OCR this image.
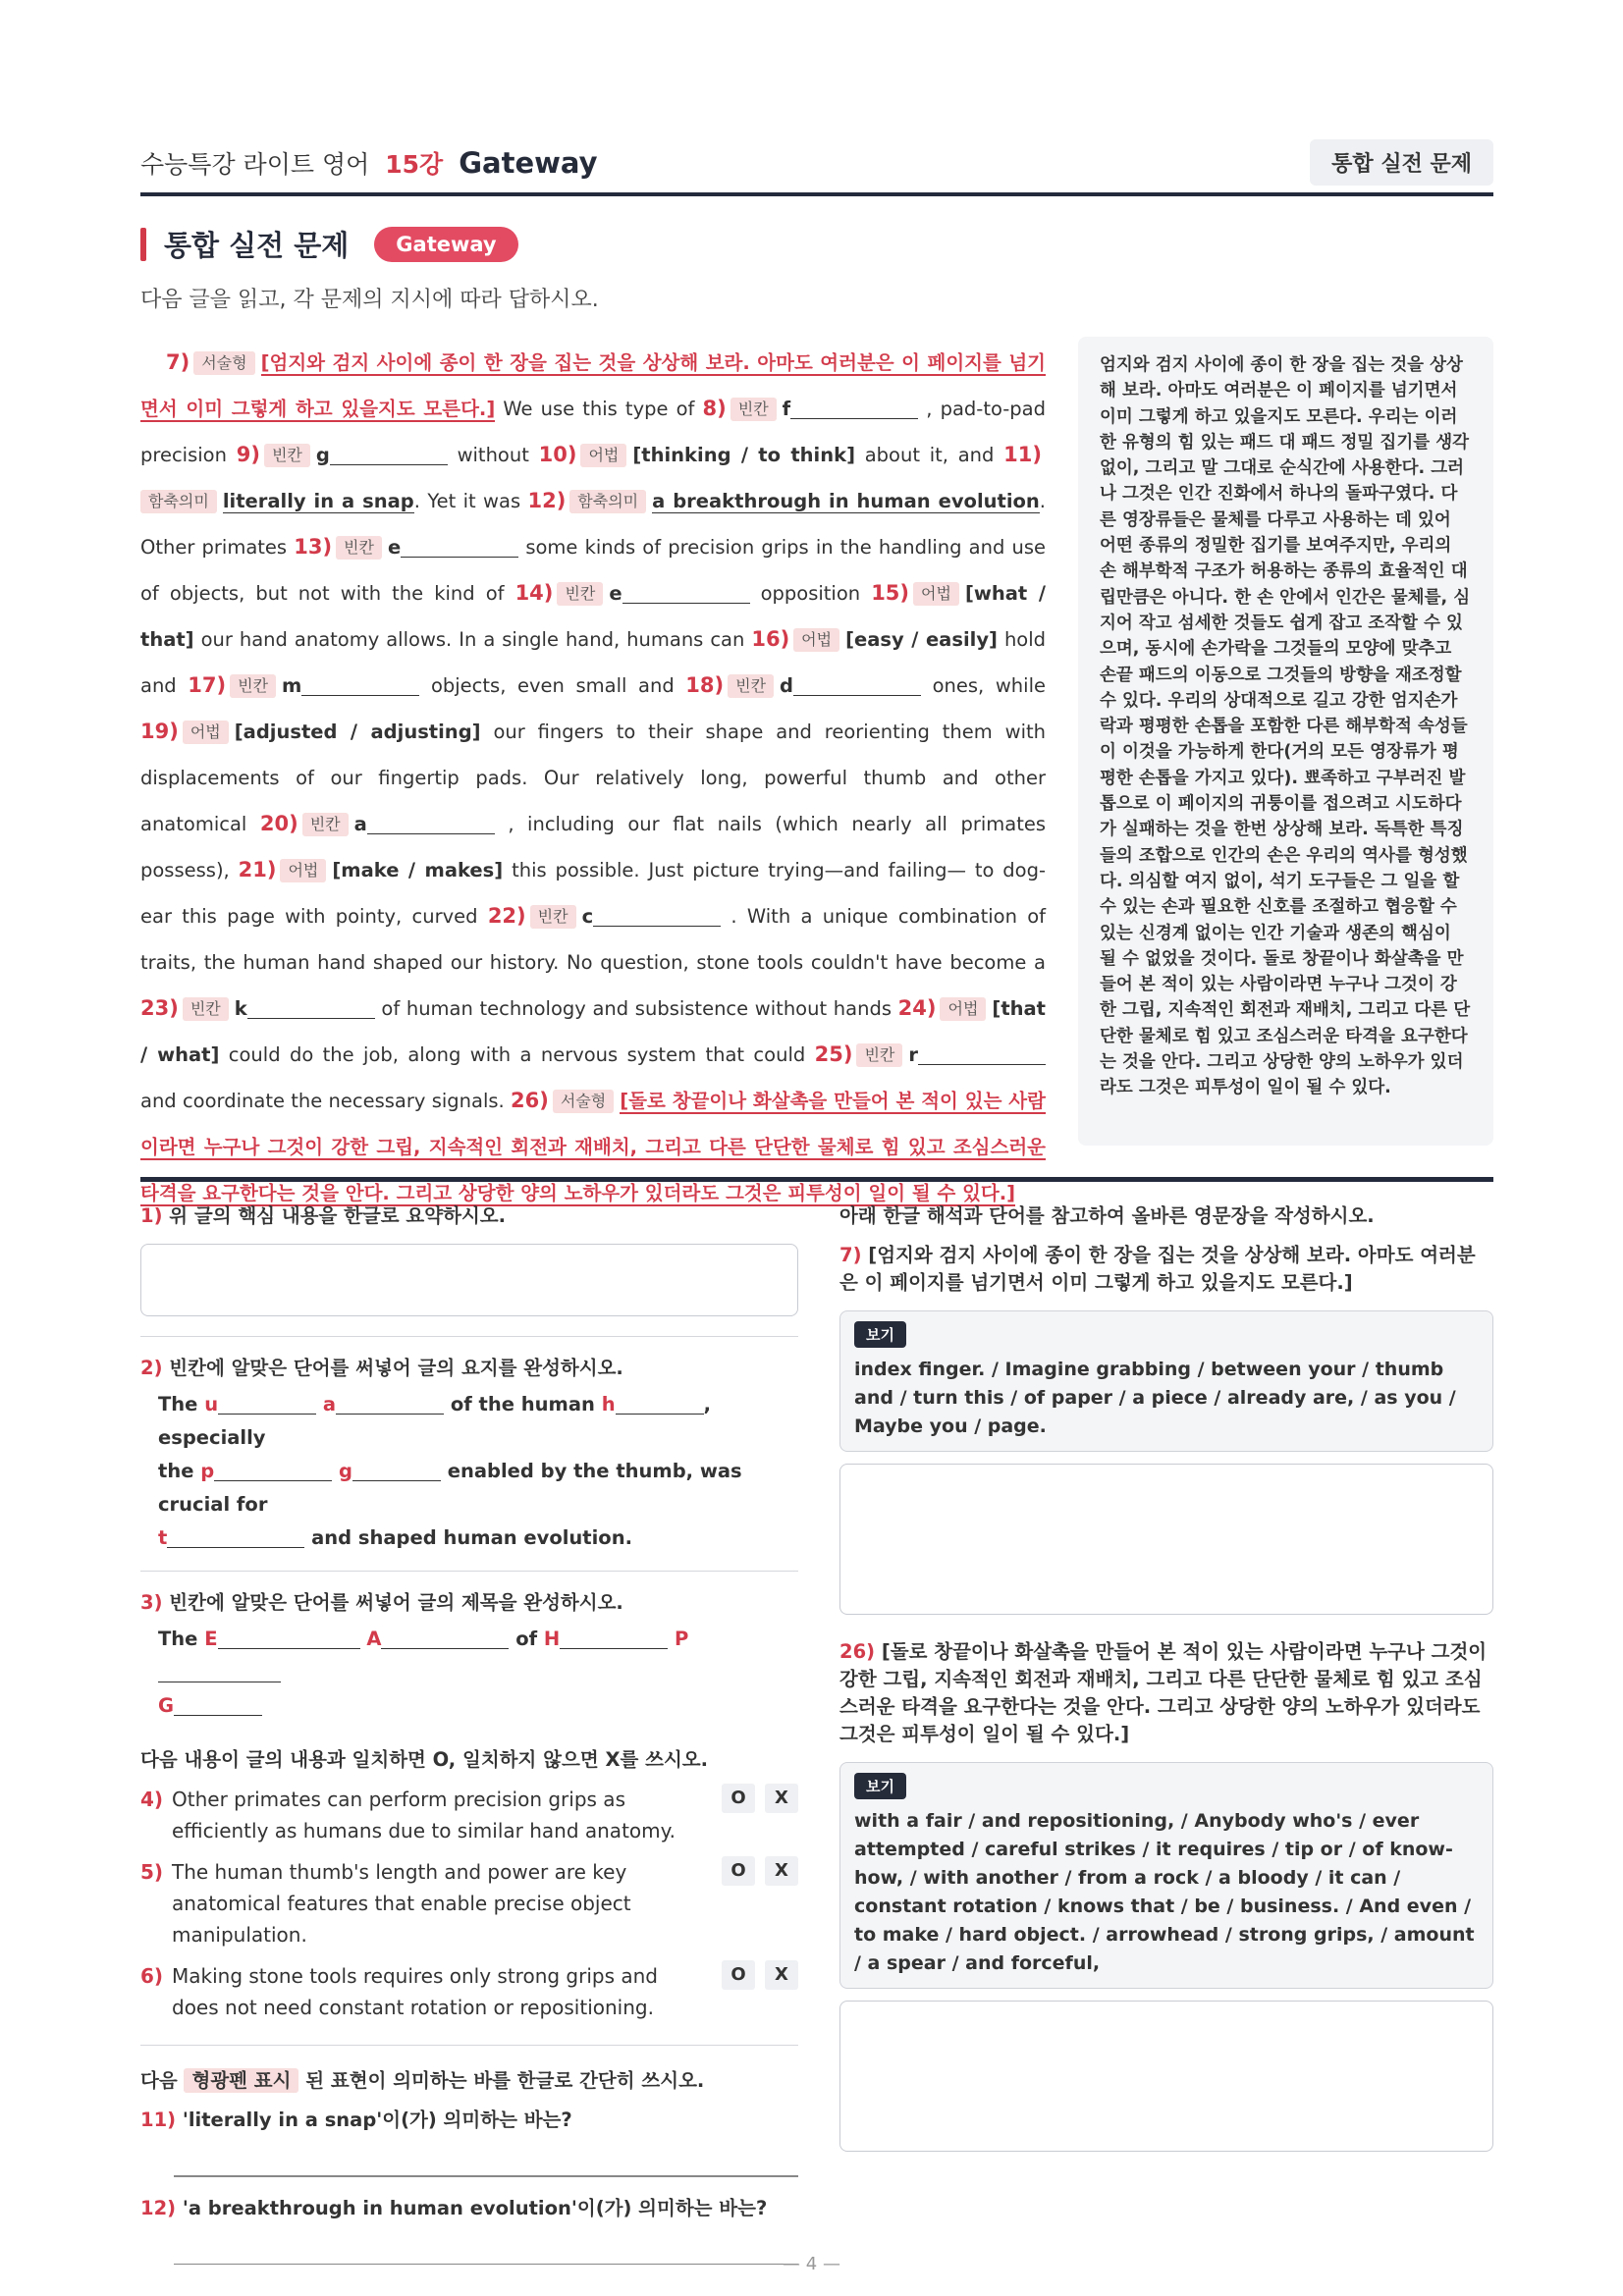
수능특강 라이트 영어 15강 Gateway	통합 실전 문제
통합 실전 문제	Gateway
다음 글을 읽고, 각 문제의 지시에 따라 답하시오.
7) 서술형 [엄지와 검지 사이에 종이 한 장을 집는 것을 상상해 보라. 아마도 여러분은 이 페이지를 넘기면서 이미 그렇게 하고 있을지도 모른다.] We use this type of 8) 빈칸 f	, pad-to-pad precision 9) 빈칸 g	without 10) 어법 [thinking / to think] about it, and 11)함축의미 literally in a snap. Yet it was 12) 함축의미 a breakthrough in human evolution. Other primates 13) 빈칸 e	some kinds of precision grips in the handling and use of objects, but not with the kind of 14) 빈칸 e	opposition 15) 어법 [what / that] our hand anatomy allows. In a single hand, humans can 16) 어법 [easy / easily] hold and 17) 빈칸 m	objects, even small and 18) 빈칸 d	ones, while 19) 어법 [adjusted / adjusting] our fingers to their shape and reorienting them with displacements of our fingertip pads. Our relatively long, powerful thumb and other anatomical 20) 빈칸 a	, including our flat nails (which nearly all primates possess), 21) 어법 [make / makes] this possible. Just picture trying—and failing— to dog-ear this page with pointy, curved 22) 빈칸 c	. With a unique combination of traits, the human hand shaped our history. No question, stone tools couldn't have become a 23) 빈칸 k	of human technology and subsistence without hands 24) 어법 [that / what] could do the job, along with a nervous system that could 25) 빈칸 r and coordinate the necessary signals. 26) 서술형 [돌로 창끝이나 화살촉을 만들어 본 적이 있는 사람이라면 누구나 그것이 강한 그립, 지속적인 회전과 재배치, 그리고 다른 단단한 물체로 힘 있고 조심스러운 타격을 요구한다는 것을 안다. 그리고 상당한 양의 노하우가 있더라도 그것은 피투성이 일이 될 수 있다.]
엄지와 검지 사이에 종이 한 장을 집는 것을 상상해 보라. 아마도 여러분은 이 페이지를 넘기면서 이미 그렇게 하고 있을지도 모른다. 우리는 이러한 유형의 힘 있는 패드 대 패드 정밀 집기를 생각 없이, 그리고 말 그대로 순식간에 사용한다. 그러나 그것은 인간 진화에서 하나의 돌파구였다. 다른 영장류들은 물체를 다루고 사용하는 데 있어 어떤 종류의 정밀한 집기를 보여주지만, 우리의 손 해부학적 구조가 허용하는 종류의 효율적인 대립만큼은 아니다. 한 손 안에서 인간은 물체를, 심지어 작고 섬세한 것들도 쉽게 잡고 조작할 수 있으며, 동시에 손가락을 그것들의 모양에 맞추고 손끝 패드의 이동으로 그것들의 방향을 재조정할 수 있다. 우리의 상대적으로 길고 강한 엄지손가락과 평평한 손톱을 포함한 다른 해부학적 속성들이 이것을 가능하게 한다(거의 모든 영장류가 평평한 손톱을 가지고 있다). 뾰족하고 구부러진 발톱으로 이 페이지의 귀퉁이를 접으려고 시도하다가 실패하는 것을 한번 상상해 보라. 독특한 특징들의 조합으로 인간의 손은 우리의 역사를 형성했다. 의심할 여지 없이, 석기 도구들은 그 일을 할 수 있는 손과 필요한 신호를 조절하고 협응할 수 있는 신경계 없이는 인간 기술과 생존의 핵심이 될 수 없었을 것이다. 돌로 창끝이나 화살촉을 만들어 본 적이 있는 사람이라면 누구나 그것이 강한 그립, 지속적인 회전과 재배치, 그리고 다른 단단한 물체로 힘 있고 조심스러운 타격을 요구한다는 것을 안다. 그리고 상당한 양의 노하우가 있더라도 그것은 피투성이 일이 될 수 있다.
1) 위 글의 핵심 내용을 한글로 요약하시오.
2) 빈칸에 알맞은 단어를 써넣어 글의 요지를 완성하시오.
The u	a	of the human h	, especially
the p	g	enabled by the thumb, was crucial for
t	and shaped human evolution.
3) 빈칸에 알맞은 단어를 써넣어 글의 제목을 완성하시오.
The E	A	of H	P
G
다음 내용이 글의 내용과 일치하면 O, 일치하지 않으면 X를 쓰시오.
4) Other primates can perform precision grips as efficiently as humans due to similar hand anatomy.
O	X
5) The human thumb's length and power are key anatomical features that enable precise object manipulation.
O	X
6) Making stone tools requires only strong grips and does not need constant rotation or repositioning.
O	X
다음 형광펜 표시 된 표현이 의미하는 바를 한글로 간단히 쓰시오.
11) 'literally in a snap'이(가) 의미하는 바는?
12) 'a breakthrough in human evolution'이(가) 의미하는 바는?
아래 한글 해석과 단어를 참고하여 올바른 영문장을 작성하시오.
7) [엄지와 검지 사이에 종이 한 장을 집는 것을 상상해 보라. 아마도 여러분은 이 페이지를 넘기면서 이미 그렇게 하고 있을지도 모른다.]
보기
index finger. / Imagine grabbing / between your / thumb and / turn this / of paper / a piece / already are, / as you / Maybe you / page.
26) [돌로 창끝이나 화살촉을 만들어 본 적이 있는 사람이라면 누구나 그것이 강한 그립, 지속적인 회전과 재배치, 그리고 다른 단단한 물체로 힘 있고 조심스러운 타격을 요구한다는 것을 안다. 그리고 상당한 양의 노하우가 있더라도 그것은 피투성이 일이 될 수 있다.]
보기
with a fair / and repositioning, / Anybody who's / ever attempted / careful strikes / it requires / tip or / of know-how, / with another / from a rock / a bloody / it can / constant rotation / knows that / be / business. / And even / to make / hard object. / arrowhead / strong grips, / amount / a spear / and forceful,
— 4 —
